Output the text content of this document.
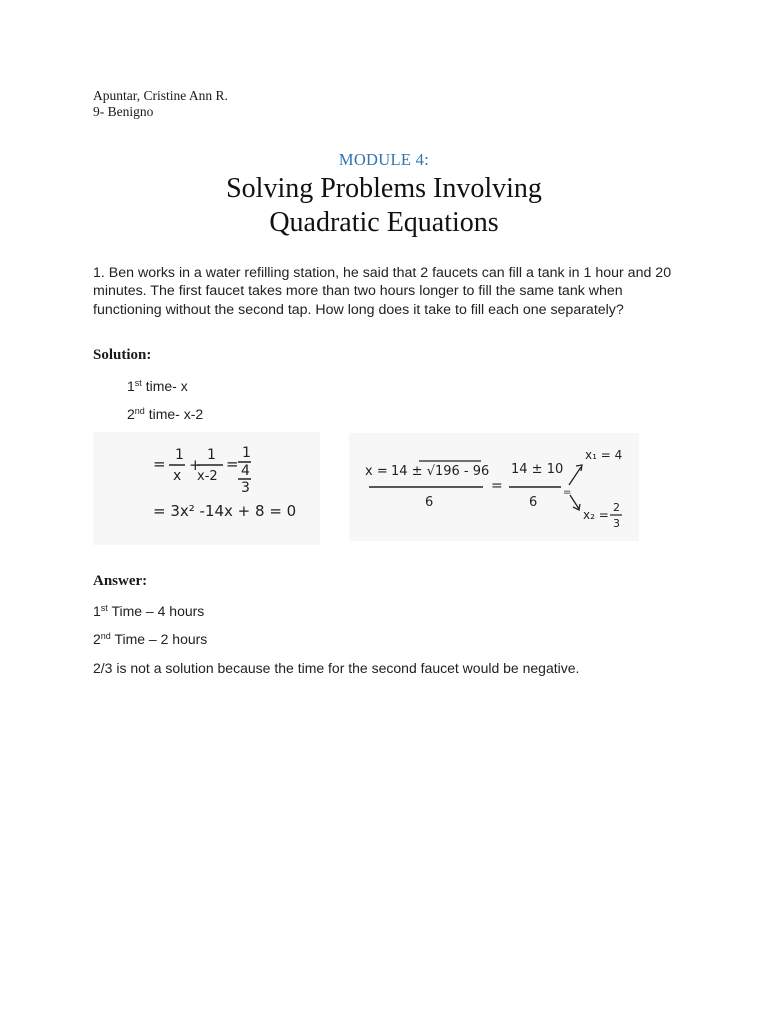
Apuntar, Cristine Ann R.
9- Benigno
MODULE 4:
Solving Problems Involving
Quadratic Equations
1. Ben works in a water refilling station, he said that 2 faucets can fill a tank in 1 hour and 20 minutes. The first faucet takes more than two hours longer to fill the same tank when functioning without the second tap. How long does it take to fill each one separately?
Solution:
1st time- x
2nd time- x-2
= 1
x
+
1
x-2
=
1
4
3
= 3x² -14x + 8 = 0
x = 14 ± √196 - 96
6
=
14 ± 10
6
=
x₁ = 4
x₂ =
2
3
Answer:
1st Time – 4 hours
2nd Time – 2 hours
2/3 is not a solution because the time for the second faucet would be negative.
